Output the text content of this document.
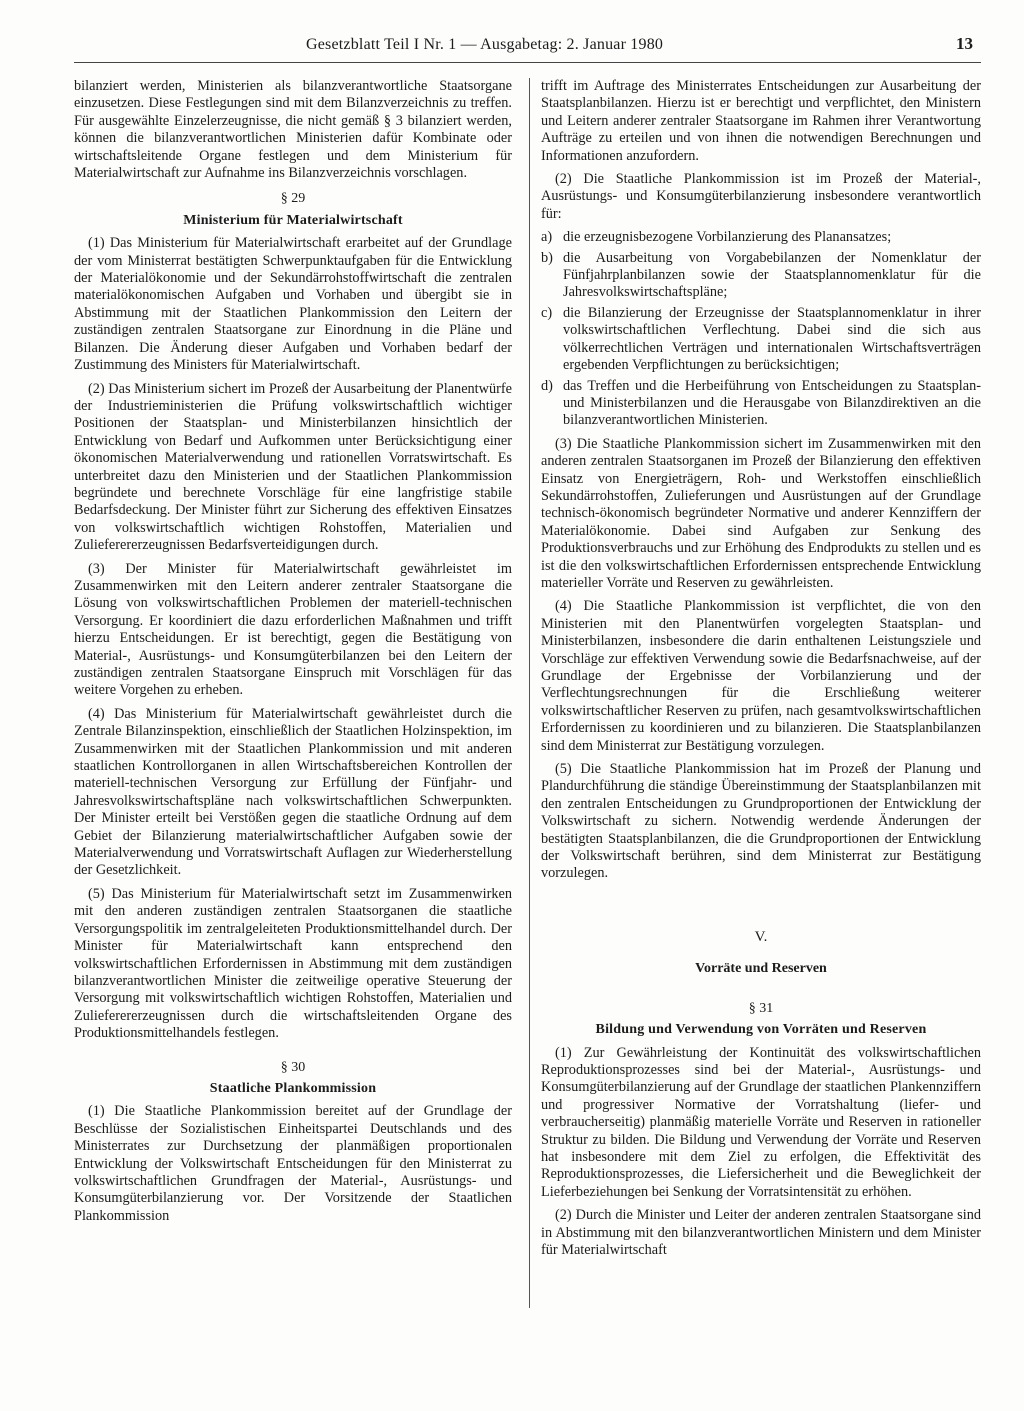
Gesetzblatt Teil I Nr. 1 — Ausgabetag: 2. Januar 1980	13

bilanziert werden, Ministerien als bilanzverantwortliche Staatsorgane einzusetzen. Diese Festlegungen sind mit dem Bilanzverzeichnis zu treffen. Für ausgewählte Einzelerzeugnisse, die nicht gemäß § 3 bilanziert werden, können die bilanzverantwortlichen Ministerien dafür Kombinate oder wirtschaftsleitende Organe festlegen und dem Ministerium für Materialwirtschaft zur Aufnahme ins Bilanzverzeichnis vorschlagen.

§ 29
Ministerium für Materialwirtschaft

(1) Das Ministerium für Materialwirtschaft erarbeitet auf der Grundlage der vom Ministerrat bestätigten Schwerpunktaufgaben für die Entwicklung der Materialökonomie und der Sekundärrohstoffwirtschaft die zentralen materialökonomischen Aufgaben und Vorhaben und übergibt sie in Abstimmung mit der Staatlichen Plankommission den Leitern der zuständigen zentralen Staatsorgane zur Einordnung in die Pläne und Bilanzen. Die Änderung dieser Aufgaben und Vorhaben bedarf der Zustimmung des Ministers für Materialwirtschaft.

(2) Das Ministerium sichert im Prozeß der Ausarbeitung der Planentwürfe der Industrieministerien die Prüfung volkswirtschaftlich wichtiger Positionen der Staatsplan- und Ministerbilanzen hinsichtlich der Entwicklung von Bedarf und Aufkommen unter Berücksichtigung einer ökonomischen Materialverwendung und rationellen Vorratswirtschaft. Es unterbreitet dazu den Ministerien und der Staatlichen Plankommission begründete und berechnete Vorschläge für eine langfristige stabile Bedarfsdeckung. Der Minister führt zur Sicherung des effektiven Einsatzes von volkswirtschaftlich wichtigen Rohstoffen, Materialien und Zulieferererzeugnissen Bedarfsverteidigungen durch.

(3) Der Minister für Materialwirtschaft gewährleistet im Zusammenwirken mit den Leitern anderer zentraler Staatsorgane die Lösung von volkswirtschaftlichen Problemen der materiell-technischen Versorgung. Er koordiniert die dazu erforderlichen Maßnahmen und trifft hierzu Entscheidungen. Er ist berechtigt, gegen die Bestätigung von Material-, Ausrüstungs- und Konsumgüterbilanzen bei den Leitern der zuständigen zentralen Staatsorgane Einspruch mit Vorschlägen für das weitere Vorgehen zu erheben.

(4) Das Ministerium für Materialwirtschaft gewährleistet durch die Zentrale Bilanzinspektion, einschließlich der Staatlichen Holzinspektion, im Zusammenwirken mit der Staatlichen Plankommission und mit anderen staatlichen Kontrollorganen in allen Wirtschaftsbereichen Kontrollen der materiell-technischen Versorgung zur Erfüllung der Fünfjahr- und Jahresvolkswirtschaftspläne nach volkswirtschaftlichen Schwerpunkten. Der Minister erteilt bei Verstößen gegen die staatliche Ordnung auf dem Gebiet der Bilanzierung materialwirtschaftlicher Aufgaben sowie der Materialverwendung und Vorratswirtschaft Auflagen zur Wiederherstellung der Gesetzlichkeit.

(5) Das Ministerium für Materialwirtschaft setzt im Zusammenwirken mit den anderen zuständigen zentralen Staatsorganen die staatliche Versorgungspolitik im zentralgeleiteten Produktionsmittelhandel durch. Der Minister für Materialwirtschaft kann entsprechend den volkswirtschaftlichen Erfordernissen in Abstimmung mit dem zuständigen bilanzverantwortlichen Minister die zeitweilige operative Steuerung der Versorgung mit volkswirtschaftlich wichtigen Rohstoffen, Materialien und Zulieferererzeugnissen durch die wirtschaftsleitenden Organe des Produktionsmittelhandels festlegen.

§ 30
Staatliche Plankommission

(1) Die Staatliche Plankommission bereitet auf der Grundlage der Beschlüsse der Sozialistischen Einheitspartei Deutschlands und des Ministerrates zur Durchsetzung der planmäßigen proportionalen Entwicklung der Volkswirtschaft Entscheidungen für den Ministerrat zu volkswirtschaftlichen Grundfragen der Material-, Ausrüstungs- und Konsumgüterbilanzierung vor. Der Vorsitzende der Staatlichen Plankommission

trifft im Auftrage des Ministerrates Entscheidungen zur Ausarbeitung der Staatsplanbilanzen. Hierzu ist er berechtigt und verpflichtet, den Ministern und Leitern anderer zentraler Staatsorgane im Rahmen ihrer Verantwortung Aufträge zu erteilen und von ihnen die notwendigen Berechnungen und Informationen anzufordern.

(2) Die Staatliche Plankommission ist im Prozeß der Material-, Ausrüstungs- und Konsumgüterbilanzierung insbesondere verantwortlich für:

a) die erzeugnisbezogene Vorbilanzierung des Planansatzes;
b) die Ausarbeitung von Vorgabebilanzen der Nomenklatur der Fünfjahrplanbilanzen sowie der Staatsplannomenklatur für die Jahresvolkswirtschaftspläne;
c) die Bilanzierung der Erzeugnisse der Staatsplannomenklatur in ihrer volkswirtschaftlichen Verflechtung. Dabei sind die sich aus völkerrechtlichen Verträgen und internationalen Wirtschaftsverträgen ergebenden Verpflichtungen zu berücksichtigen;
d) das Treffen und die Herbeiführung von Entscheidungen zu Staatsplan- und Ministerbilanzen und die Herausgabe von Bilanzdirektiven an die bilanzverantwortlichen Ministerien.

(3) Die Staatliche Plankommission sichert im Zusammenwirken mit den anderen zentralen Staatsorganen im Prozeß der Bilanzierung den effektiven Einsatz von Energieträgern, Roh- und Werkstoffen einschließlich Sekundärrohstoffen, Zulieferungen und Ausrüstungen auf der Grundlage technisch-ökonomisch begründeter Normative und anderer Kennziffern der Materialökonomie. Dabei sind Aufgaben zur Senkung des Produktionsverbrauchs und zur Erhöhung des Endprodukts zu stellen und es ist die den volkswirtschaftlichen Erfordernissen entsprechende Entwicklung materieller Vorräte und Reserven zu gewährleisten.

(4) Die Staatliche Plankommission ist verpflichtet, die von den Ministerien mit den Planentwürfen vorgelegten Staatsplan- und Ministerbilanzen, insbesondere die darin enthaltenen Leistungsziele und Vorschläge zur effektiven Verwendung sowie die Bedarfsnachweise, auf der Grundlage der Ergebnisse der Vorbilanzierung und der Verflechtungsrechnungen für die Erschließung weiterer volkswirtschaftlicher Reserven zu prüfen, nach gesamtvolkswirtschaftlichen Erfordernissen zu koordinieren und zu bilanzieren. Die Staatsplanbilanzen sind dem Ministerrat zur Bestätigung vorzulegen.

(5) Die Staatliche Plankommission hat im Prozeß der Planung und Plandurchführung die ständige Übereinstimmung der Staatsplanbilanzen mit den zentralen Entscheidungen zu Grundproportionen der Entwicklung der Volkswirtschaft zu sichern. Notwendig werdende Änderungen der bestätigten Staatsplanbilanzen, die die Grundproportionen der Entwicklung der Volkswirtschaft berühren, sind dem Ministerrat zur Bestätigung vorzulegen.

V.
Vorräte und Reserven
§ 31
Bildung und Verwendung von Vorräten und Reserven

(1) Zur Gewährleistung der Kontinuität des volkswirtschaftlichen Reproduktionsprozesses sind bei der Material-, Ausrüstungs- und Konsumgüterbilanzierung auf der Grundlage der staatlichen Plankennziffern und progressiver Normative der Vorratshaltung (liefer- und verbraucherseitig) planmäßig materielle Vorräte und Reserven in rationeller Struktur zu bilden. Die Bildung und Verwendung der Vorräte und Reserven hat insbesondere mit dem Ziel zu erfolgen, die Effektivität des Reproduktionsprozesses, die Liefersicherheit und die Beweglichkeit der Lieferbeziehungen bei Senkung der Vorratsintensität zu erhöhen.

(2) Durch die Minister und Leiter der anderen zentralen Staatsorgane sind in Abstimmung mit den bilanzverantwortlichen Ministern und dem Minister für Materialwirtschaft
